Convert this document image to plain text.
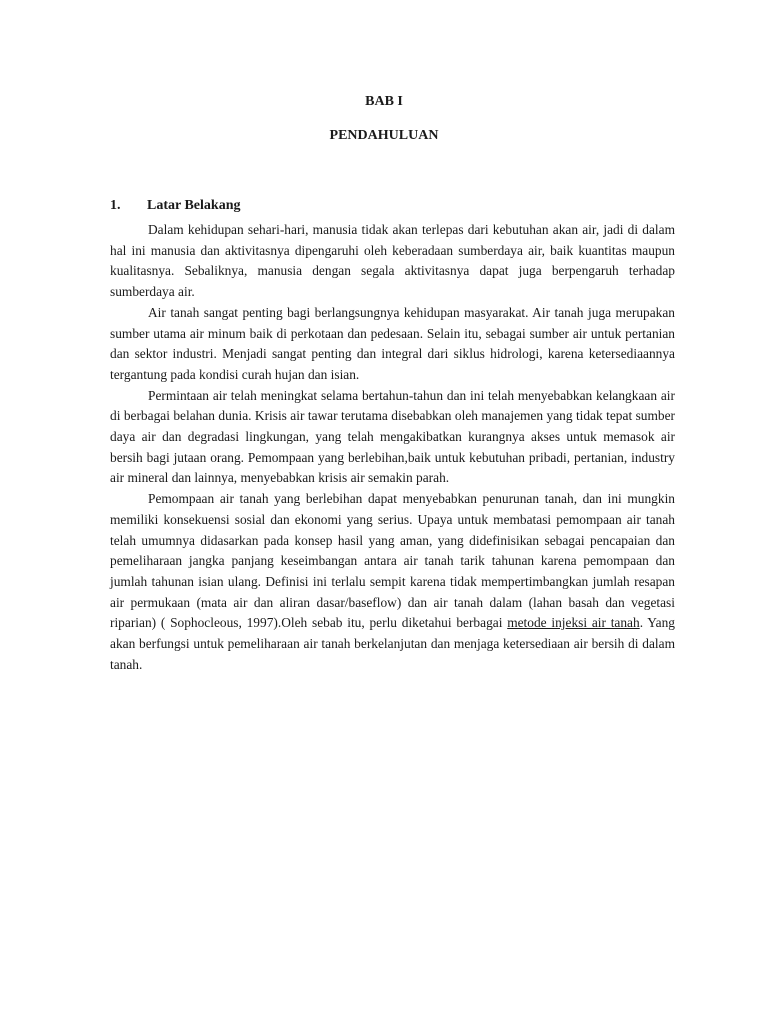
BAB I
PENDAHULUAN
1. Latar Belakang

Dalam kehidupan sehari-hari, manusia tidak akan terlepas dari kebutuhan akan air, jadi di dalam hal ini manusia dan aktivitasnya dipengaruhi oleh keberadaan sumberdaya air, baik kuantitas maupun kualitasnya. Sebaliknya, manusia dengan segala aktivitasnya dapat juga berpengaruh terhadap sumberdaya air.

Air tanah sangat penting bagi berlangsungnya kehidupan masyarakat. Air tanah juga merupakan sumber utama air minum baik di perkotaan dan pedesaan. Selain itu, sebagai sumber air untuk pertanian dan sektor industri. Menjadi sangat penting dan integral dari siklus hidrologi, karena ketersediaannya tergantung pada kondisi curah hujan dan isian.

Permintaan air telah meningkat selama bertahun-tahun dan ini telah menyebabkan kelangkaan air di berbagai belahan dunia. Krisis air tawar terutama disebabkan oleh manajemen yang tidak tepat sumber daya air dan degradasi lingkungan, yang telah mengakibatkan kurangnya akses untuk memasok air bersih bagi jutaan orang. Pemompaan yang berlebihan,baik untuk kebutuhan pribadi, pertanian, industry air mineral dan lainnya, menyebabkan krisis air semakin parah.

Pemompaan air tanah yang berlebihan dapat menyebabkan penurunan tanah, dan ini mungkin memiliki konsekuensi sosial dan ekonomi yang serius. Upaya untuk membatasi pemompaan air tanah telah umumnya didasarkan pada konsep hasil yang aman, yang didefinisikan sebagai pencapaian dan pemeliharaan jangka panjang keseimbangan antara air tanah tarik tahunan karena pemompaan dan jumlah tahunan isian ulang. Definisi ini terlalu sempit karena tidak mempertimbangkan jumlah resapan air permukaan (mata air dan aliran dasar/baseflow) dan air tanah dalam (lahan basah dan vegetasi riparian) ( Sophocleous, 1997).Oleh sebab itu, perlu diketahui berbagai metode injeksi air tanah. Yang akan berfungsi untuk pemeliharaan air tanah berkelanjutan dan menjaga ketersediaan air bersih di dalam tanah.
